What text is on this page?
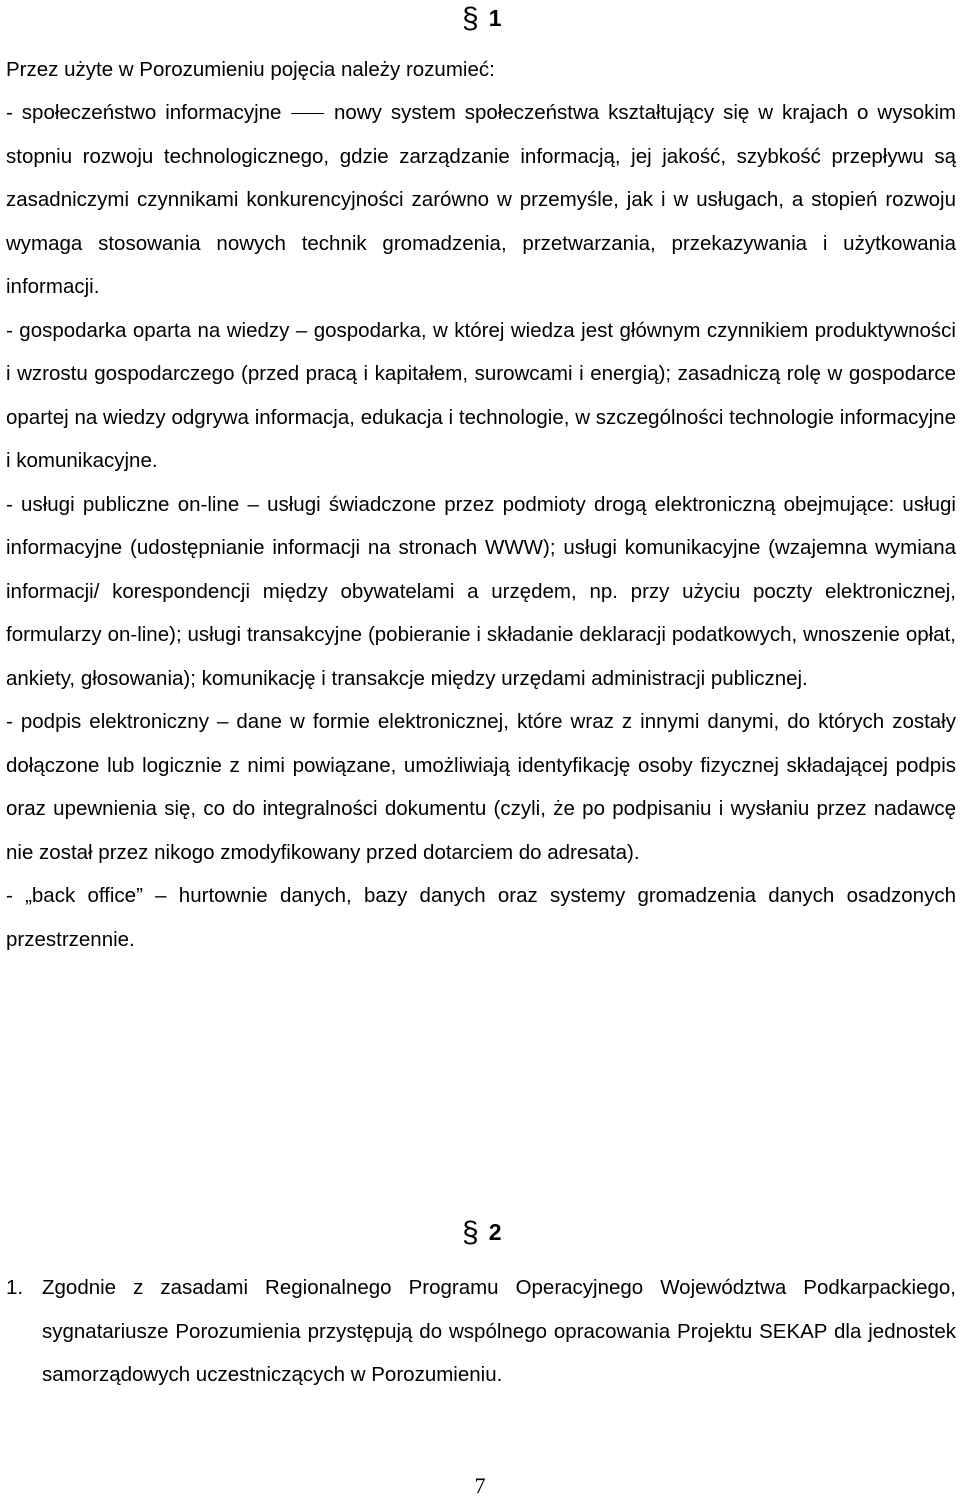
§ 1

Przez użyte w Porozumieniu pojęcia należy rozumieć:

- społeczeństwo informacyjne ⸺ nowy system społeczeństwa kształtujący się w krajach o wysokim stopniu rozwoju technologicznego, gdzie zarządzanie informacją, jej jakość, szybkość przepływu są zasadniczymi czynnikami konkurencyjności zarówno w przemyśle, jak i w usługach, a stopień rozwoju wymaga stosowania nowych technik gromadzenia, przetwarzania, przekazywania i użytkowania informacji.

- gospodarka oparta na wiedzy – gospodarka, w której wiedza jest głównym czynnikiem produktywności i wzrostu gospodarczego (przed pracą i kapitałem, surowcami i energią); zasadniczą rolę w gospodarce opartej na wiedzy odgrywa informacja, edukacja i technologie, w szczególności technologie informacyjne i komunikacyjne.

- usługi publiczne on-line – usługi świadczone przez podmioty drogą elektroniczną obejmujące: usługi informacyjne (udostępnianie informacji na stronach WWW); usługi komunikacyjne (wzajemna wymiana informacji/ korespondencji między obywatelami a urzędem, np. przy użyciu poczty elektronicznej, formularzy on-line); usługi transakcyjne (pobieranie i składanie deklaracji podatkowych, wnoszenie opłat, ankiety, głosowania); komunikację i transakcje między urzędami administracji publicznej.

- podpis elektroniczny – dane w formie elektronicznej, które wraz z innymi danymi, do których zostały dołączone lub logicznie z nimi powiązane, umożliwiają identyfikację osoby fizycznej składającej podpis oraz upewnienia się, co do integralności dokumentu (czyli, że po podpisaniu i wysłaniu przez nadawcę nie został przez nikogo zmodyfikowany przed dotarciem do adresata).

- „back office” – hurtownie danych, bazy danych oraz systemy gromadzenia danych osadzonych przestrzennie.

§ 2
1. Zgodnie z zasadami Regionalnego Programu Operacyjnego Województwa Podkarpackiego, sygnatariusze Porozumienia przystępują do wspólnego opracowania Projektu SEKAP dla jednostek samorządowych uczestniczących w Porozumieniu.
7
